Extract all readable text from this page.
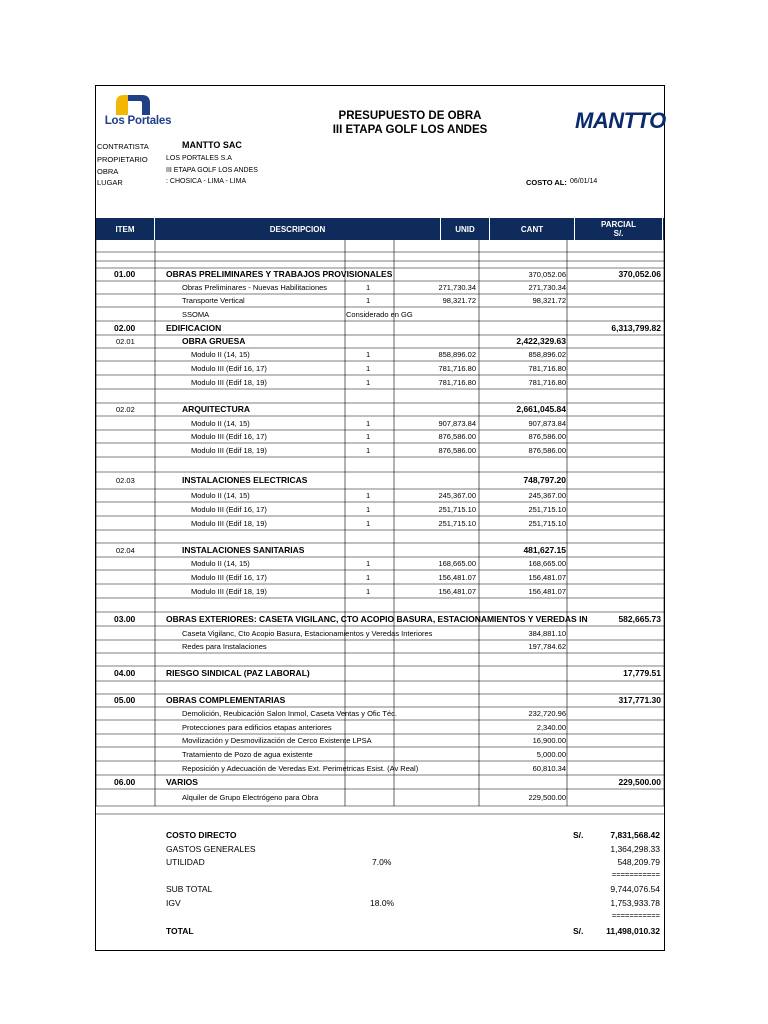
Los Portales	PRESUPUESTO DE OBRA
III ETAPA GOLF LOS ANDES	MANTTO
CONTRATISTA	MANTTO SAC
PROPIETARIO	LOS PORTALES S.A
OBRA	III ETAPA GOLF LOS ANDES
LUGAR	: CHOSICA - LIMA - LIMA	COSTO AL: 06/01/14
ITEM	DESCRIPCION	UNID	CANT	PARCIAL
S/.
SUB TOTAL
S/.
01.00	OBRAS PRELIMINARES Y TRABAJOS PROVISIONALES	370,052.06	370,052.06
Obras Preliminares - Nuevas Habilitaciones	1	271,730.34	271,730.34
Transporte Vertical	1	98,321.72	98,321.72
SSOMA	Considerado en GG
02.00	EDIFICACION	6,313,799.82
02.01	OBRA GRUESA	2,422,329.63
Modulo II (14, 15)	1	858,896.02	858,896.02
Modulo III (Edif 16, 17)	1	781,716.80	781,716.80
Modulo III (Edif 18, 19)	1	781,716.80	781,716.80
02.02	ARQUITECTURA	2,661,045.84
Modulo II (14, 15)	1	907,873.84	907,873.84
Modulo III (Edif 16, 17)	1	876,586.00	876,586.00
Modulo III (Edif 18, 19)	1	876,586.00	876,586.00
02.03	INSTALACIONES ELECTRICAS	748,797.20
Modulo II (14, 15)	1	245,367.00	245,367.00
Modulo III (Edif 16, 17)	1	251,715.10	251,715.10
Modulo III (Edif 18, 19)	1	251,715.10	251,715.10
02.04	INSTALACIONES SANITARIAS	481,627.15
Modulo II (14, 15)	1	168,665.00	168,665.00
Modulo III (Edif 16, 17)	1	156,481.07	156,481.07
Modulo III (Edif 18, 19)	1	156,481.07	156,481.07
03.00	OBRAS EXTERIORES: CASETA VIGILANC, CTO ACOPIO BASURA, ESTACIONAMIENTOS Y VEREDAS IN	582,665.73
Caseta Vigilanc, Cto Acopio Basura, Estacionamientos y Veredas Interiores	384,881.10
Redes para Instalaciones	197,784.62
04.00	RIESGO SINDICAL (PAZ LABORAL)	17,779.51
05.00	OBRAS COMPLEMENTARIAS	317,771.30
Demolición, Reubicación Salon Inmol, Caseta Ventas y Ofic Téc.	232,720.96
Protecciones para edificios etapas anteriores	2,340.00
Movilización y Desmovilización de Cerco Existente LPSA	16,900.00
Tratamiento de Pozo de agua existente	5,000.00
Reposición y Adecuación de Veredas Ext. Perimetricas Esist. (Av Real)	60,810.34
06.00	VARIOS	229,500.00
Alquiler de Grupo Electrógeno para Obra	229,500.00
COSTO DIRECTO	S/.	7,831,568.42
GASTOS GENERALES	1,364,298.33
UTILIDAD	7.0%	548,209.79
===========
SUB TOTAL	9,744,076.54
IGV	18.0%	1,753,933.78
===========
TOTAL	S/.	11,498,010.32
